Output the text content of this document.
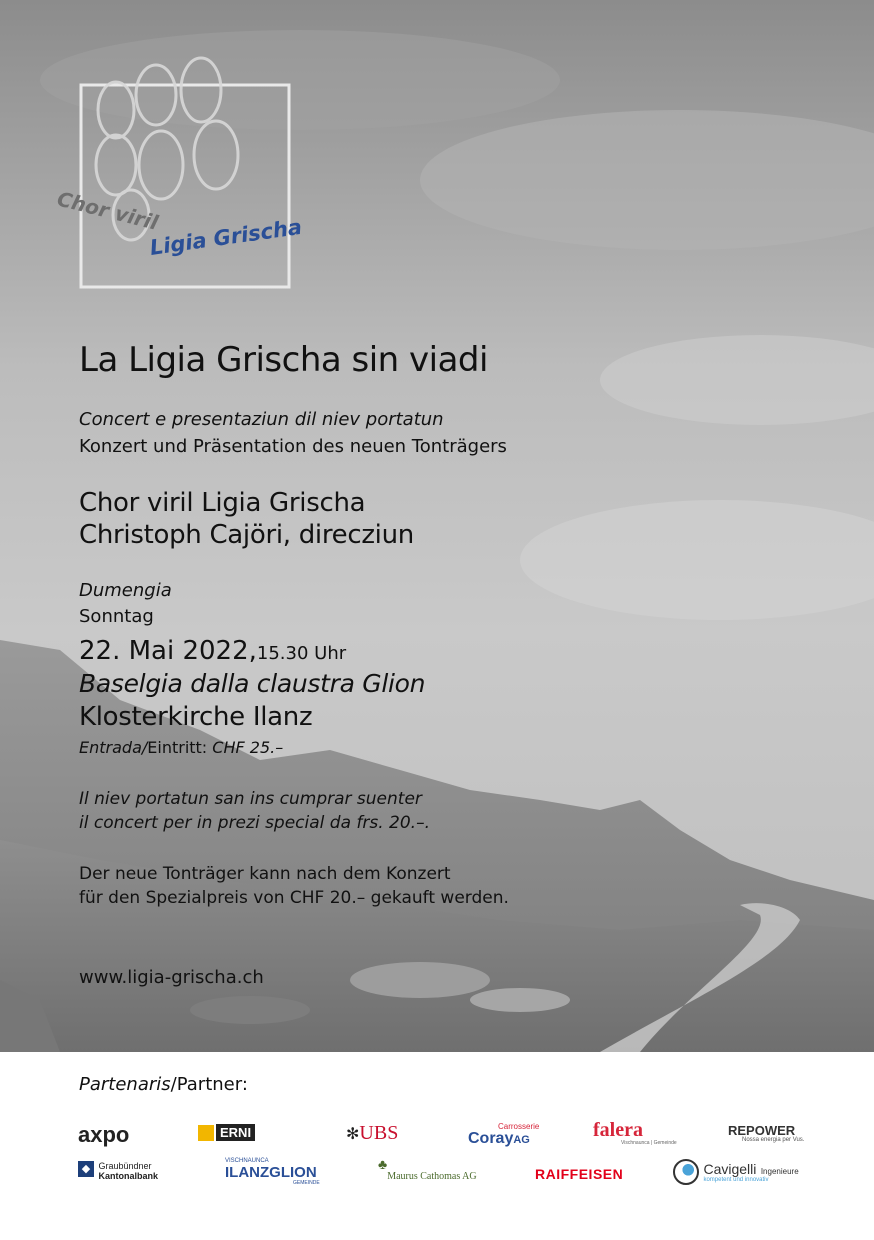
Chor viril
Ligia Grischa
La Ligia Grischa sin viadi
Concert e presentaziun dil niev portatun
Konzert und Präsentation des neuen Tonträgers
Chor viril Ligia Grischa
Christoph Cajöri, direcziun
Dumengia
Sonntag
22. Mai 2022,15.30 Uhr
Baselgia dalla claustra Glion
Klosterkirche Ilanz
Entrada/Eintritt: CHF 25.–
Il niev portatun san ins cumprar suenter
il concert per in prezi special da frs. 20.–.
Der neue Tonträger kann nach dem Konzert
für den Spezialpreis von CHF 20.– gekauft werden.
www.ligia-grischa.ch
Partenaris/Partner:
axpo	ERNI	✻UBS	Carrosserie
CorayAG	falera
Vischnaunca | Gemeinde
REPOWER
Nossa energia per Vus.
◆ Graubündner
Kantonalbank
VISCHNAUNCA
ILANZGLION
GEMEINDE
♣Maurus Cathomas AG	RAIFFEISEN	Cavigelli Ingenieure
kompetent und innovativ
